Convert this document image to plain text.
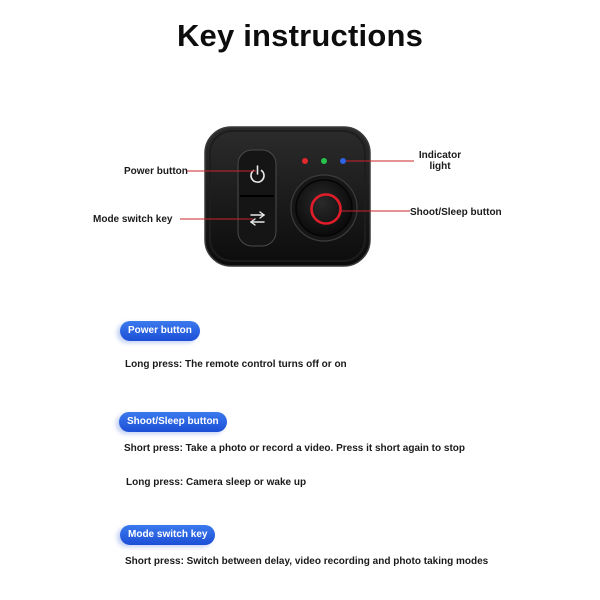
Key instructions
Power button
Mode switch key
Indicator
light
Shoot/Sleep button
Power button
Long press: The remote control turns off or on
Shoot/Sleep button
Short press: Take a photo or record a video. Press it short again to stop
Long press: Camera sleep or wake up
Mode switch key
Short press: Switch between delay, video recording and photo taking modes
